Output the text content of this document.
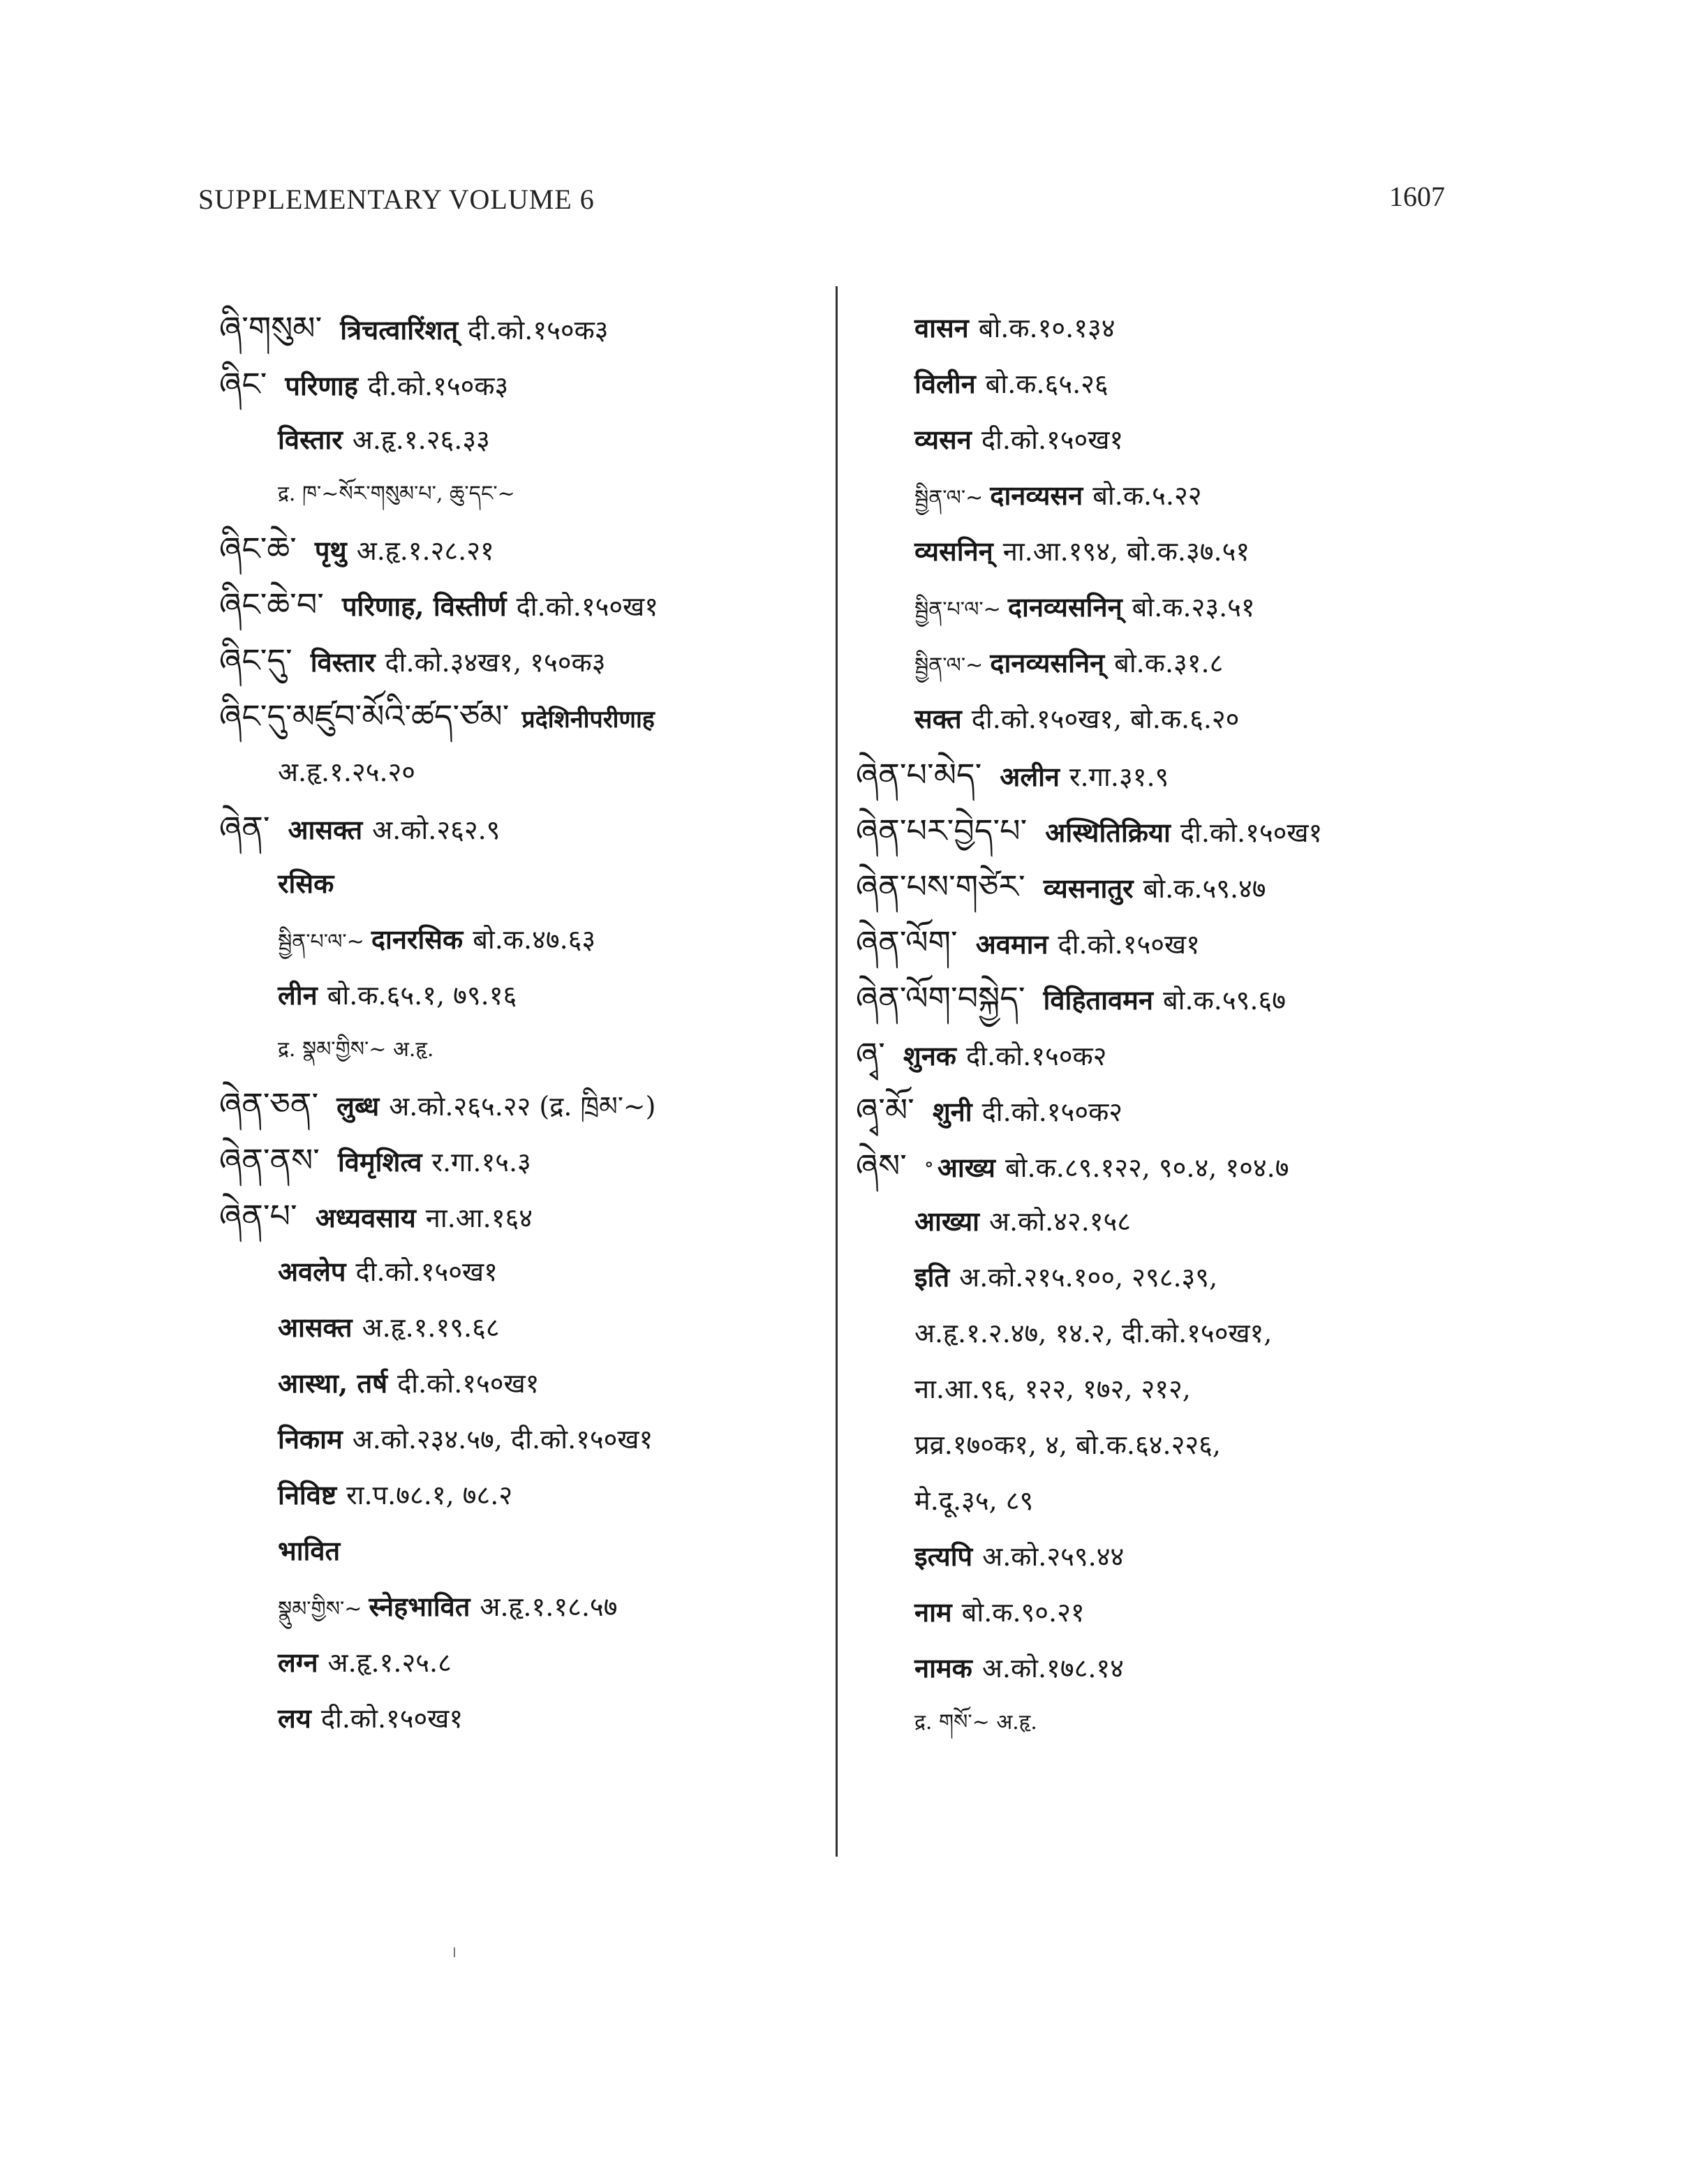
SUPPLEMENTARY VOLUME 6	1607
ཞི་གསུམ་ त्रिचत्वारिंशत् दी.को.१५०क३
ཞིང་ परिणाह दी.को.१५०क३
विस्तार अ.हृ.१.२६.३३
द्र. ཁ་~སོར་གསུམ་པ་, ཆུ་དང་~
ཞིང་ཆེ་ पृथु अ.हृ.१.२८.२१
ཞིང་ཆེ་བ་ परिणाह, विस्तीर्ण दी.को.१५०ख१
ཞིང་དུ་ विस्तार दी.को.३४ख१, १५०क३
ཞིང་དུ་མཛུབ་མོའི་ཚད་ཙམ་ प्रदेशिनीपरीणाह
अ.हृ.१.२५.२०
ཞེན་ आसक्त अ.को.२६२.९
रसिक
སྦྱིན་པ་ལ་~ दानरसिक बो.क.४७.६३
लीन बो.क.६५.१, ७९.१६
द्र. སྣམ་གྱིས་~ अ.हृ.
ཞེན་ཅན་ लुब्ध अ.को.२६५.२२ (द्र. ཁྲིམ་~)
ཞེན་ནས་ विमृशित्व र.गा.१५.३
ཞེན་པ་ अध्यवसाय ना.आ.१६४
अवलेप दी.को.१५०ख१
आसक्त अ.हृ.१.१९.६८
आस्था, तर्ष दी.को.१५०ख१
निकाम अ.को.२३४.५७, दी.को.१५०ख१
निविष्ट रा.प.७८.१, ७८.२
भावित
སྣུམ་གྱིས་~ स्नेहभावित अ.हृ.१.१८.५७
लग्न अ.हृ.१.२५.८
लय दी.को.१५०ख१
वासन बो.क.१०.१३४
विलीन बो.क.६५.२६
व्यसन दी.को.१५०ख१
སྦྱིན་ལ་~ दानव्यसन बो.क.५.२२
व्यसनिन् ना.आ.१९४, बो.क.३७.५१
སྦྱིན་པ་ལ་~ दानव्यसनिन् बो.क.२३.५१
སྦྱིན་ལ་~ दानव्यसनिन् बो.क.३१.८
सक्त दी.को.१५०ख१, बो.क.६.२०
ཞེན་པ་མེད་ अलीन र.गा.३१.९
ཞེན་པར་བྱེད་པ་ अस्थितिक्रिया दी.को.१५०ख१
ཞེན་པས་གཙེར་ व्यसनातुर बो.क.५९.४७
ཞེན་ལོག་ अवमान दी.को.१५०ख१
ཞེན་ལོག་བསྐྱེད་ विहितावमन बो.क.५९.६७
ཞྭ་ शुनक दी.को.१५०क२
ཞྭ་མོ་ शुनी दी.को.१५०क२
ཞེས་ ॰ आख्य बो.क.८९.१२२, ९०.४, १०४.७
आख्या अ.को.४२.१५८
इति अ.को.२१५.१००, २९८.३९,
अ.हृ.१.२.४७, १४.२, दी.को.१५०ख१,
ना.आ.९६, १२२, १७२, २१२,
प्रव्र.१७०क१, ४, बो.क.६४.२२६,
मे.दू.३५, ८९
इत्यपि अ.को.२५९.४४
नाम बो.क.९०.२१
नामक अ.को.१७८.१४
द्र. གསོ་~ अ.हृ.
